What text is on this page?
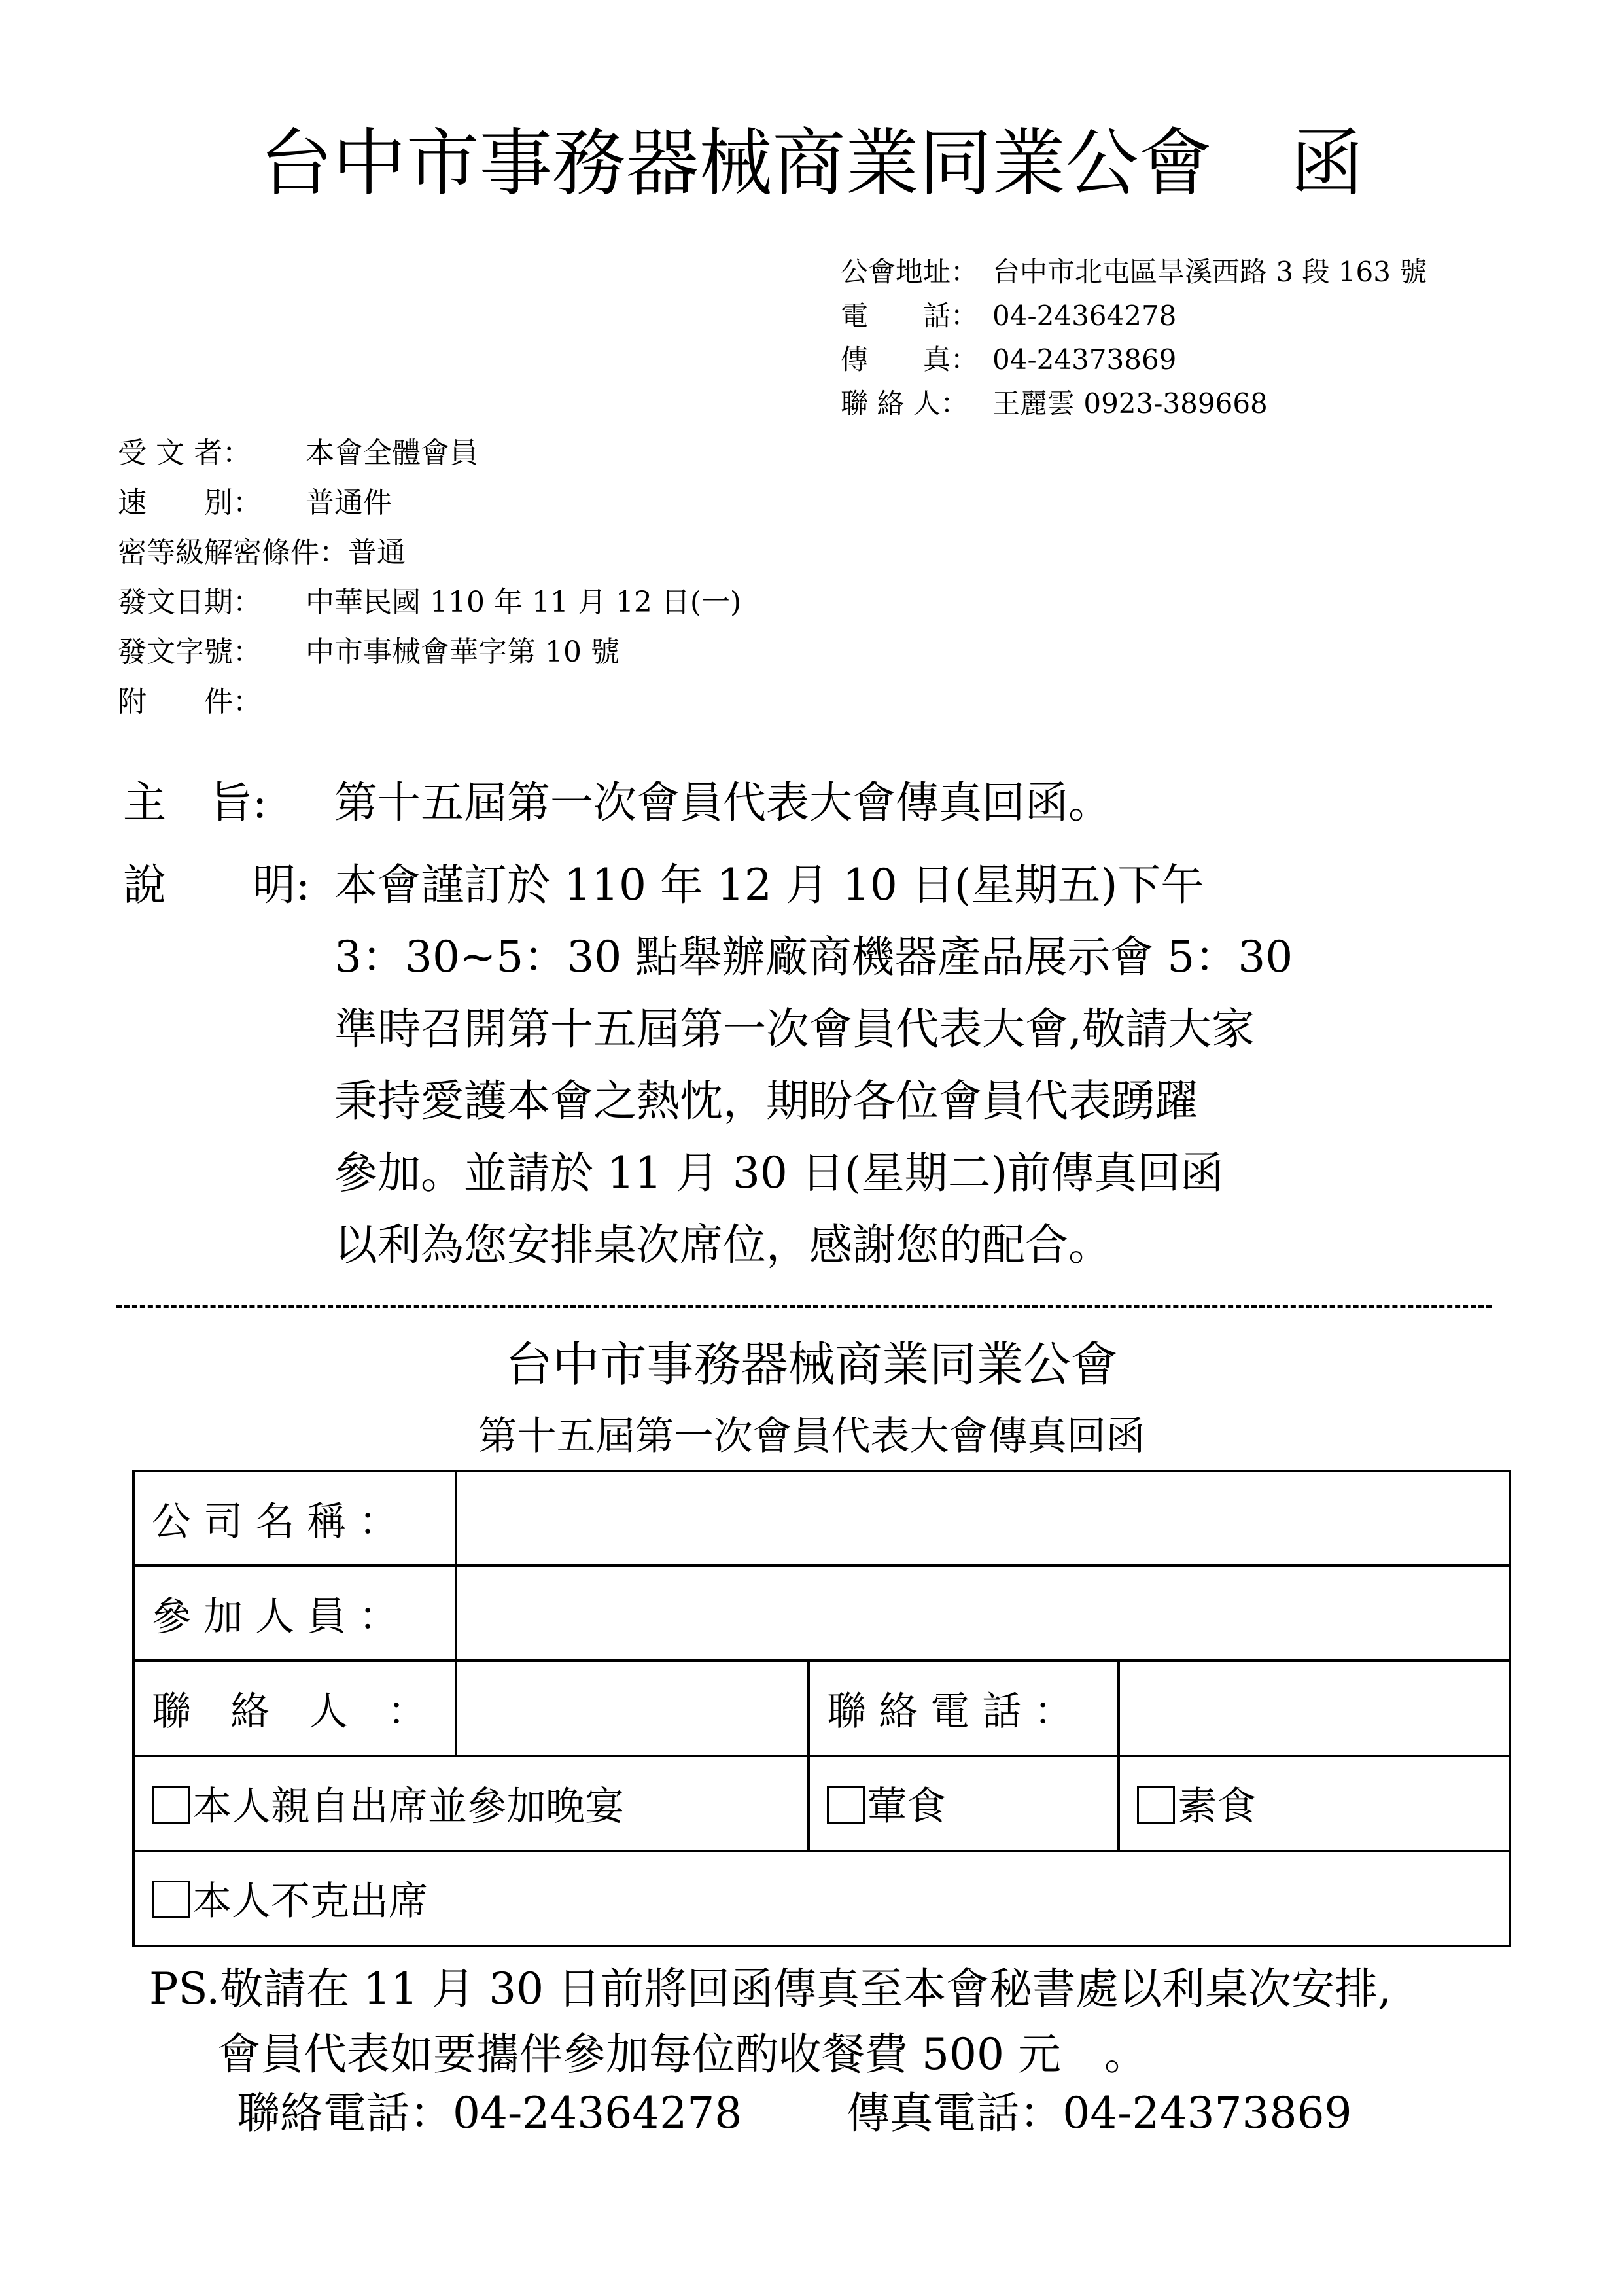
台中市事務器械商業同業公會 函
公會地址： 台中市北屯區旱溪西路 3 段 163 號
電　　話： 04-24364278
傳　　真： 04-24373869
聯 絡 人： 王麗雲 0923-389668
受 文 者：	本會全體會員
速　　別：	普通件
密等級解密條件： 普通
發文日期：	中華民國 110 年 11 月 12 日(一)
發文字號：	中市事械會華字第 10 號
附　　件：
主　旨: 第十五屆第一次會員代表大會傳真回函。
說　　明: 本會謹訂於 110 年 12 月 10 日(星期五)下午
3：30~5：30 點舉辦廠商機器產品展示會 5：30
準時召開第十五屆第一次會員代表大會,敬請大家
秉持愛護本會之熱忱，期盼各位會員代表踴躍
參加。並請於 11 月 30 日(星期二)前傳真回函
以利為您安排桌次席位，感謝您的配合。
台中市事務器械商業同業公會
第十五屆第一次會員代表大會傳真回函
公 司 名 稱 ：			
參 加 人 員 ：			
聯　絡　人　：		聯 絡 電 話 ：	
本人親自出席並參加晚宴		葷食	素食
本人不克出席			
PS.敬請在 11 月 30 日前將回函傳真至本會秘書處以利桌次安排,
會員代表如要攜伴參加每位酌收餐費 500 元　。
聯絡電話：04-24364278 傳真電話：04-24373869
